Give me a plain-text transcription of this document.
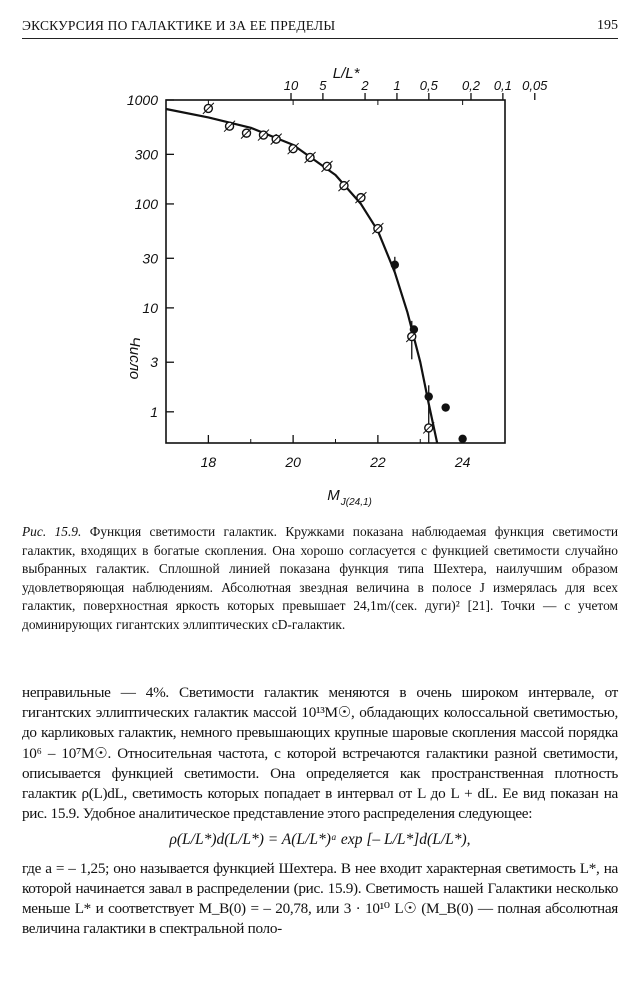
ЭКСКУРСИЯ ПО ГАЛАКТИКЕ И ЗА ЕЕ ПРЕДЕЛЫ	195
18	20	22	24
M J(24,1)
1
3
10
30
100
300
1000
Число
0,05
0,1
0,2
0,5
1
2
5
10
L/L*
Рис. 15.9. Функция светимости галактик. Кружками показана наблюдаемая функция светимости галактик, входящих в богатые скопления. Она хорошо согласуется с функцией светимости случайно выбранных галактик. Сплошной линией показана функция типа Шехтера, наилучшим образом удовлетворяющая наблюдениям. Абсолютная звездная величина в полосе J измерялась для всех галактик, поверхностная яркость которых превышает 24,1m/(сек. дуги)² [21]. Точки — с учетом доминирующих гигантских эллиптических cD-галактик.

неправильные — 4%. Светимости галактик меняются в очень широком интервале, от гигантских эллиптических галактик массой 10¹³M☉, обладающих колоссальной светимостью, до карликовых галактик, немного превышающих крупные шаровые скопления массой порядка 10⁶ – 10⁷M☉. Относительная частота, с которой встречаются галактики разной светимости, описывается функцией светимости. Она определяется как пространственная плотность галактик ρ(L)dL, светимость которых попадает в интервал от L до L + dL. Ее вид показан на рис. 15.9. Удобное аналитическое представление этого распределения следующее:

ρ(L/L*)d(L/L*) = A(L/L*)ᵃ exp [– L/L*]d(L/L*),

где a = – 1,25; оно называется функцией Шехтера. В нее входит характерная светимость L*, на которой начинается завал в распределении (рис. 15.9). Светимость нашей Галактики несколько меньше L* и соответствует M_B(0) = – 20,78, или 3 · 10¹⁰ L☉ (M_B(0) — полная абсолютная величина галактики в спектральной поло-
